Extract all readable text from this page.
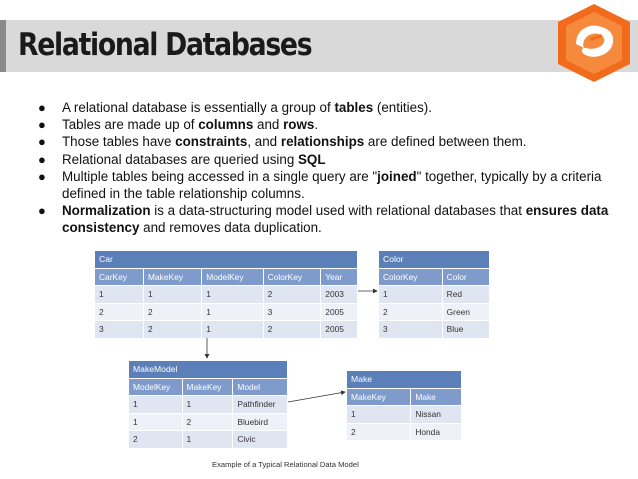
Relational Databases
● A relational database is essentially a group of tables (entities).
● Tables are made up of columns and rows.
● Those tables have constraints, and relationships are defined between them.
● Relational databases are queried using SQL
● Multiple tables being accessed in a single query are "joined" together, typically by a criteria defined in the table relationship columns.
● Normalization is a data-structuring model used with relational databases that ensures data consistency and removes data duplication.
Car				
CarKey	MakeKey	ModelKey	ColorKey	Year
1	1	1	2	2003
2	2	1	3	2005
3	2	1	2	2005
Color	
ColorKey	Color
1	Red
2	Green
3	Blue
MakeModel		
ModelKey	MakeKey	Model
1	1	Pathfinder
1	2	Bluebird
2	1	Civic
Make	
MakeKey	Make
1	Nissan
2	Honda
Example of a Typical Relational Data Model
